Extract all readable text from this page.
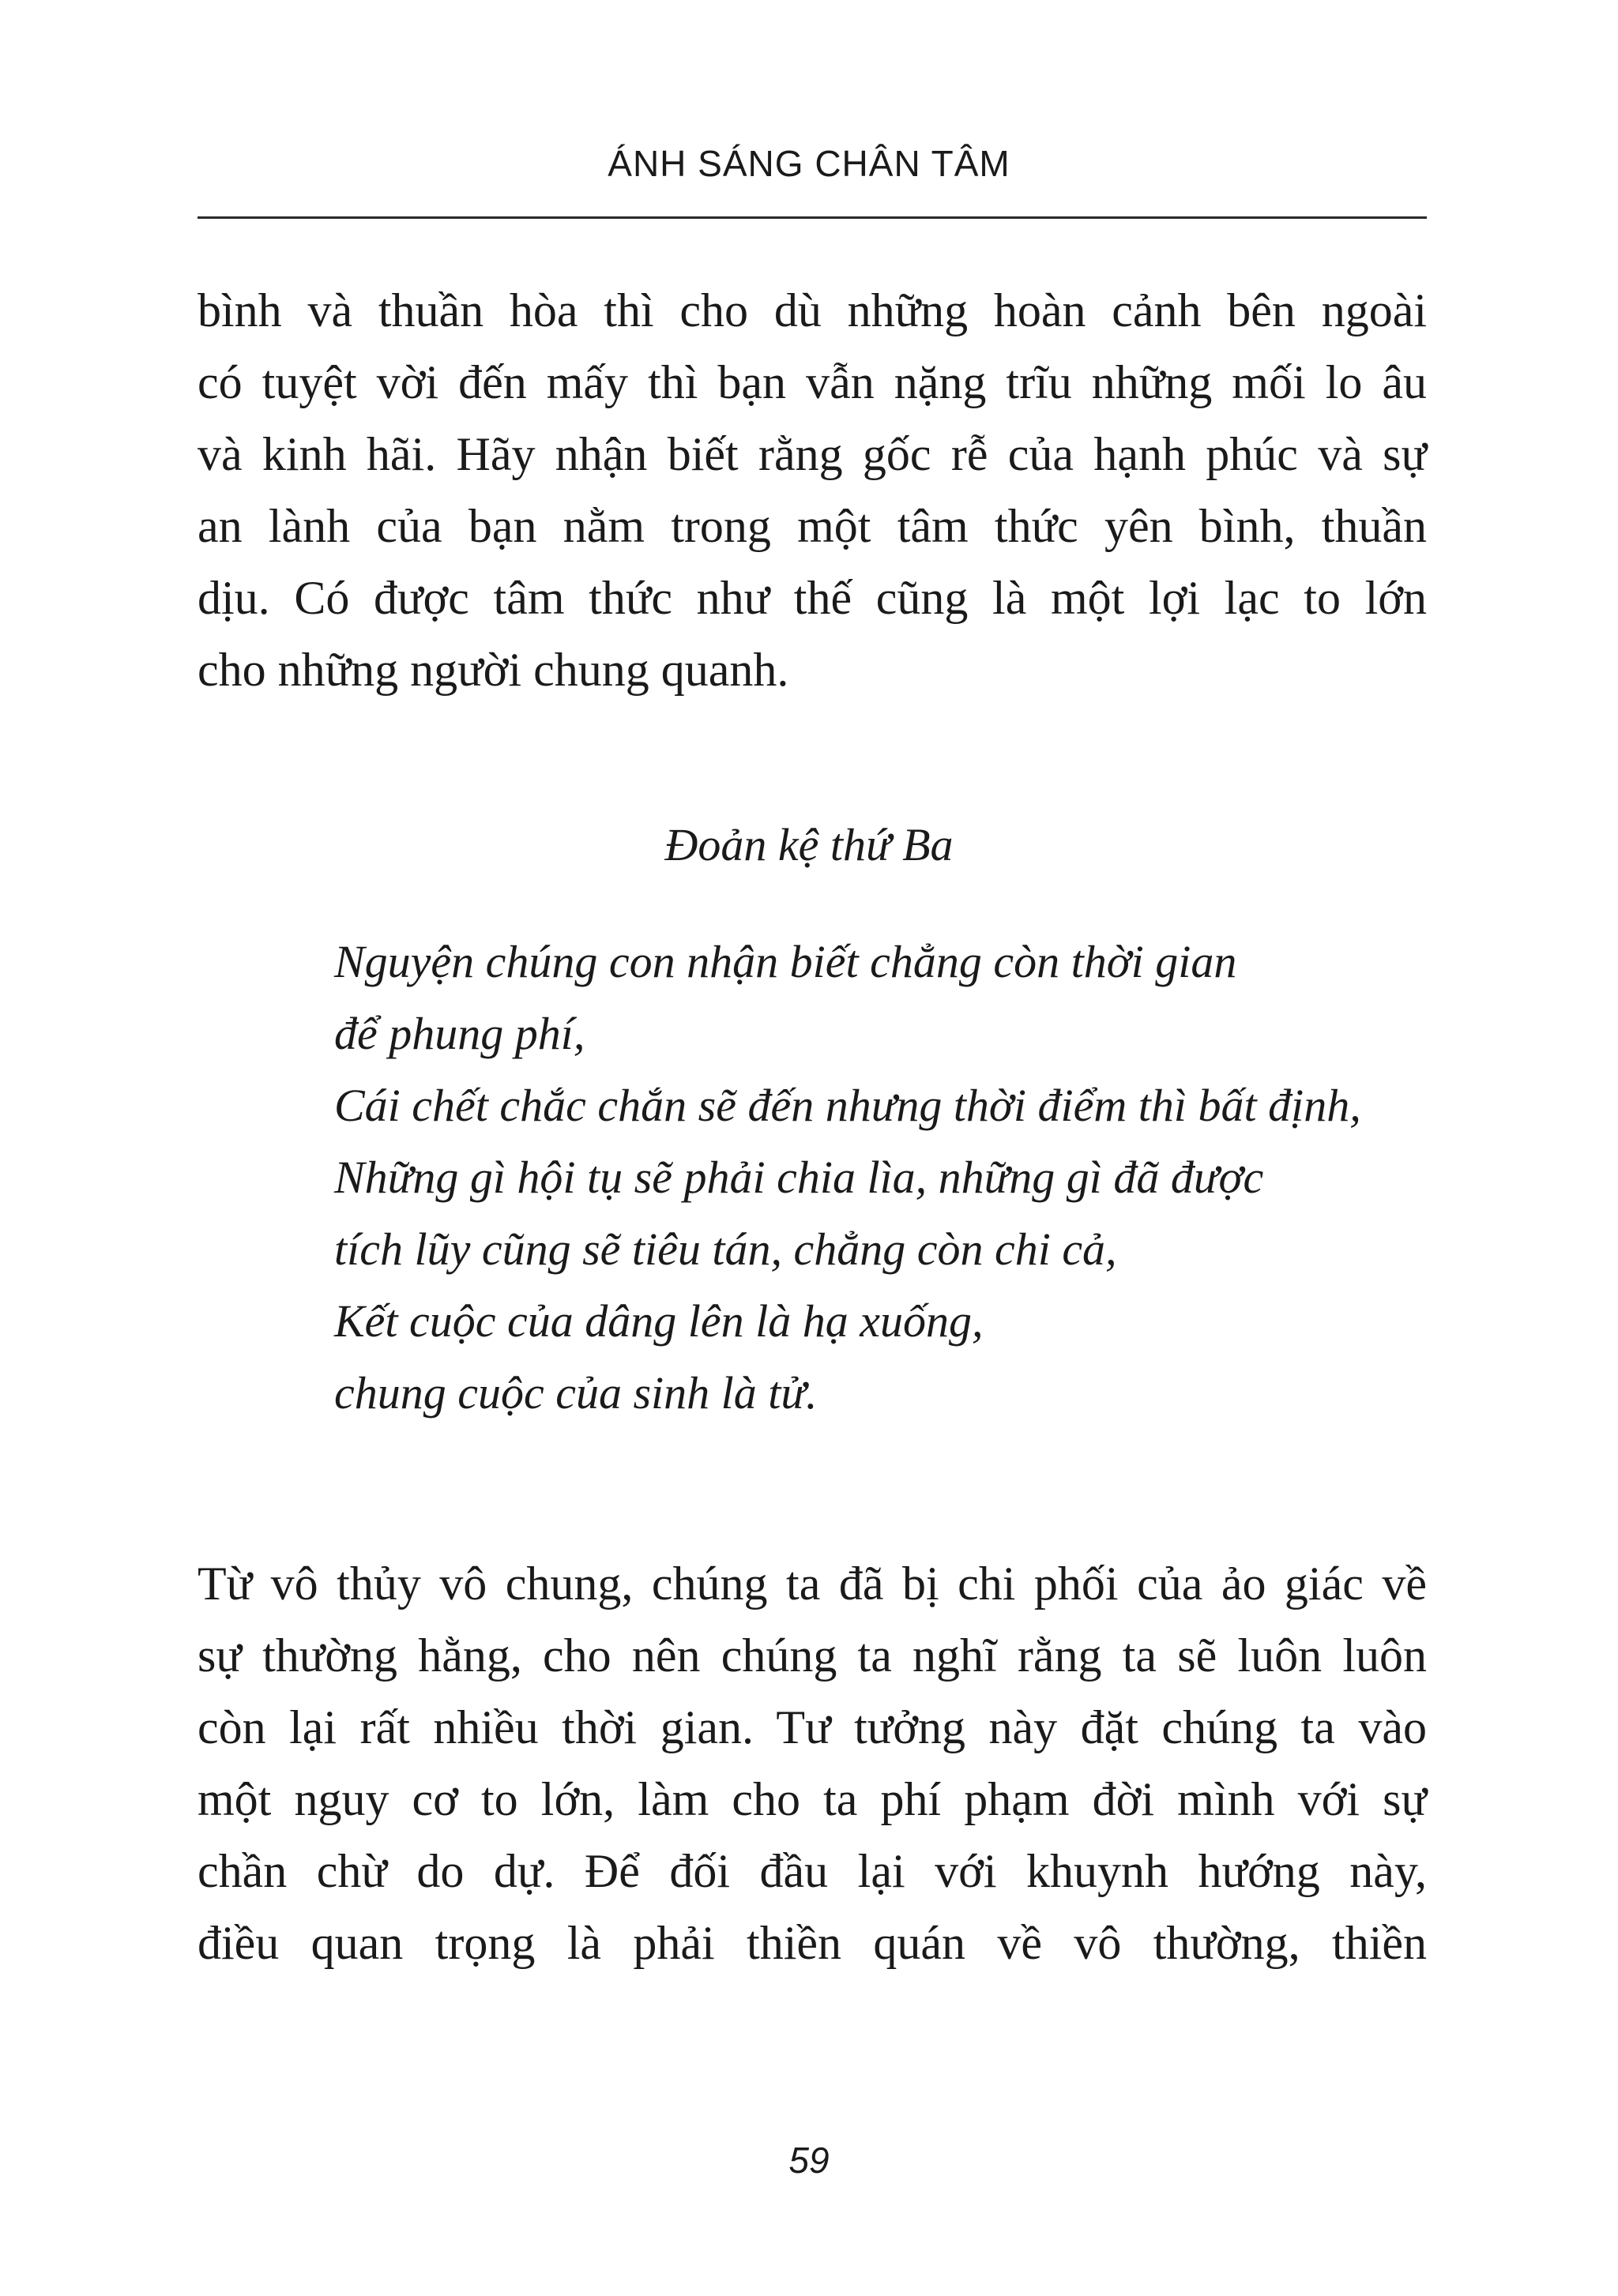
ÁNH SÁNG CHÂN TÂM

bình và thuần hòa thì cho dù những hoàn cảnh bên ngoài
có tuyệt vời đến mấy thì bạn vẫn nặng trĩu những mối lo âu
và kinh hãi. Hãy nhận biết rằng gốc rễ của hạnh phúc và sự
an lành của bạn nằm trong một tâm thức yên bình, thuần
dịu. Có được tâm thức như thế cũng là một lợi lạc to lớn
cho những người chung quanh.

Đoản kệ thứ Ba
Nguyện chúng con nhận biết chẳng còn thời gian
để phung phí,
Cái chết chắc chắn sẽ đến nhưng thời điểm thì bất định,
Những gì hội tụ sẽ phải chia lìa, những gì đã được
tích lũy cũng sẽ tiêu tán, chẳng còn chi cả,
Kết cuộc của dâng lên là hạ xuống,
chung cuộc của sinh là tử.

Từ vô thủy vô chung, chúng ta đã bị chi phối của ảo giác về
sự thường hằng, cho nên chúng ta nghĩ rằng ta sẽ luôn luôn
còn lại rất nhiều thời gian. Tư tưởng này đặt chúng ta vào
một nguy cơ to lớn, làm cho ta phí phạm đời mình với sự
chần chừ do dự. Để đối đầu lại với khuynh hướng này,
điều quan trọng là phải thiền quán về vô thường, thiền

59
